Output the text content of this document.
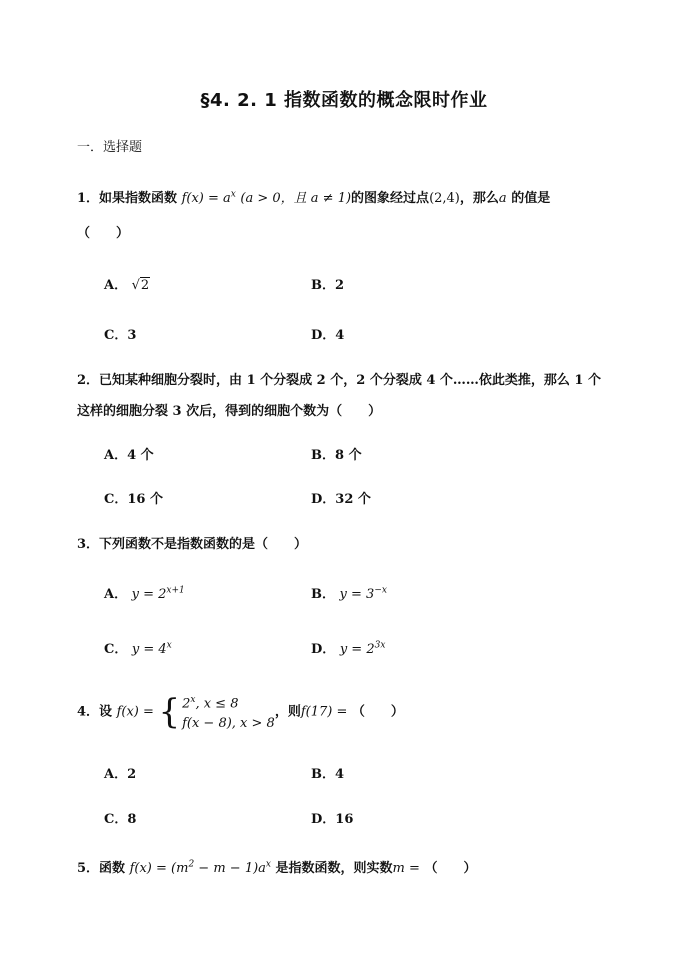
§4. 2. 1 指数函数的概念限时作业
一．选择题
1．如果指数函数 $f(x) = a^x$ (a > 0，且 a ≠ 1)的图象经过点(2,4)，那么a 的值是
（　　）
A． √2	B．2
C．3	D．4
2．已知某种细胞分裂时，由 1 个分裂成 2 个，2 个分裂成 4 个……依此类推，那么 1 个
这样的细胞分裂 3 次后，得到的细胞个数为（　　）
A．4 个	B．8 个
C．16 个	D．32 个
3．下列函数不是指数函数的是（　　）
A． $y = 2^{x+1}$	B． $y = 3^{-x}$
C． $y = 4^x$	D． $y = 2^{3x}$
4．设 f(x) = { 2$^x$, x ≤ 8
f(x − 8), x > 8，则f(17) = （　　）
A．2	B．4
C．8	D．16
5．函数 $f(x) = (m^2 - m - 1)a^x$ 是指数函数，则实数m = （　　）
